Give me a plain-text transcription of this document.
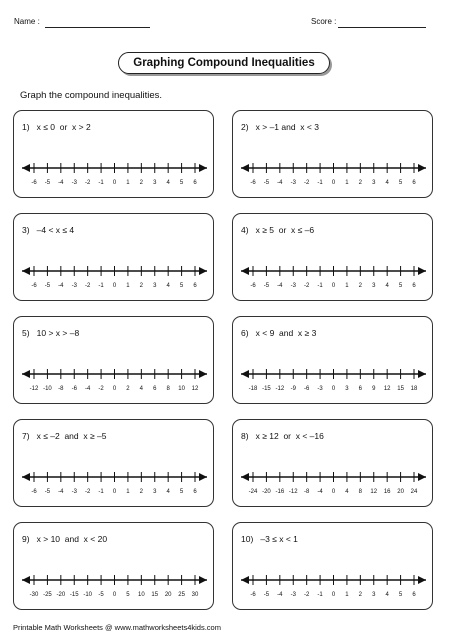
Name :	Score :
Graphing Compound Inequalities
Graph the compound inequalities.
1)   x ≤ 0  or  x > 2
-6 -5 -4 -3 -2 -1 0 1 2 3 4 5 6
2)   x > –1 and  x < 3
-6 -5 -4 -3 -2 -1 0 1 2 3 4 5 6
3)   –4 < x ≤ 4
-6 -5 -4 -3 -2 -1 0 1 2 3 4 5 6
4)   x ≥ 5  or  x ≤ –6
-6 -5 -4 -3 -2 -1 0 1 2 3 4 5 6
5)   10 > x > –8
-12 -10 -8 -6 -4 -2 0 2 4 6 8 10 12
6)   x < 9  and  x ≥ 3
-18 -15 -12 -9 -6 -3 0 3 6 9 12 15 18
7)   x ≤ –2  and  x ≥ –5
-6 -5 -4 -3 -2 -1 0 1 2 3 4 5 6
8)   x ≥ 12  or  x < –16
-24 -20 -16 -12 -8 -4 0 4 8 12 16 20 24
9)   x > 10  and  x < 20
-30 -25 -20 -15 -10 -5 0 5 10 15 20 25 30
10)   –3 ≤ x < 1
-6 -5 -4 -3 -2 -1 0 1 2 3 4 5 6
Printable Math Worksheets @ www.mathworksheets4kids.com
